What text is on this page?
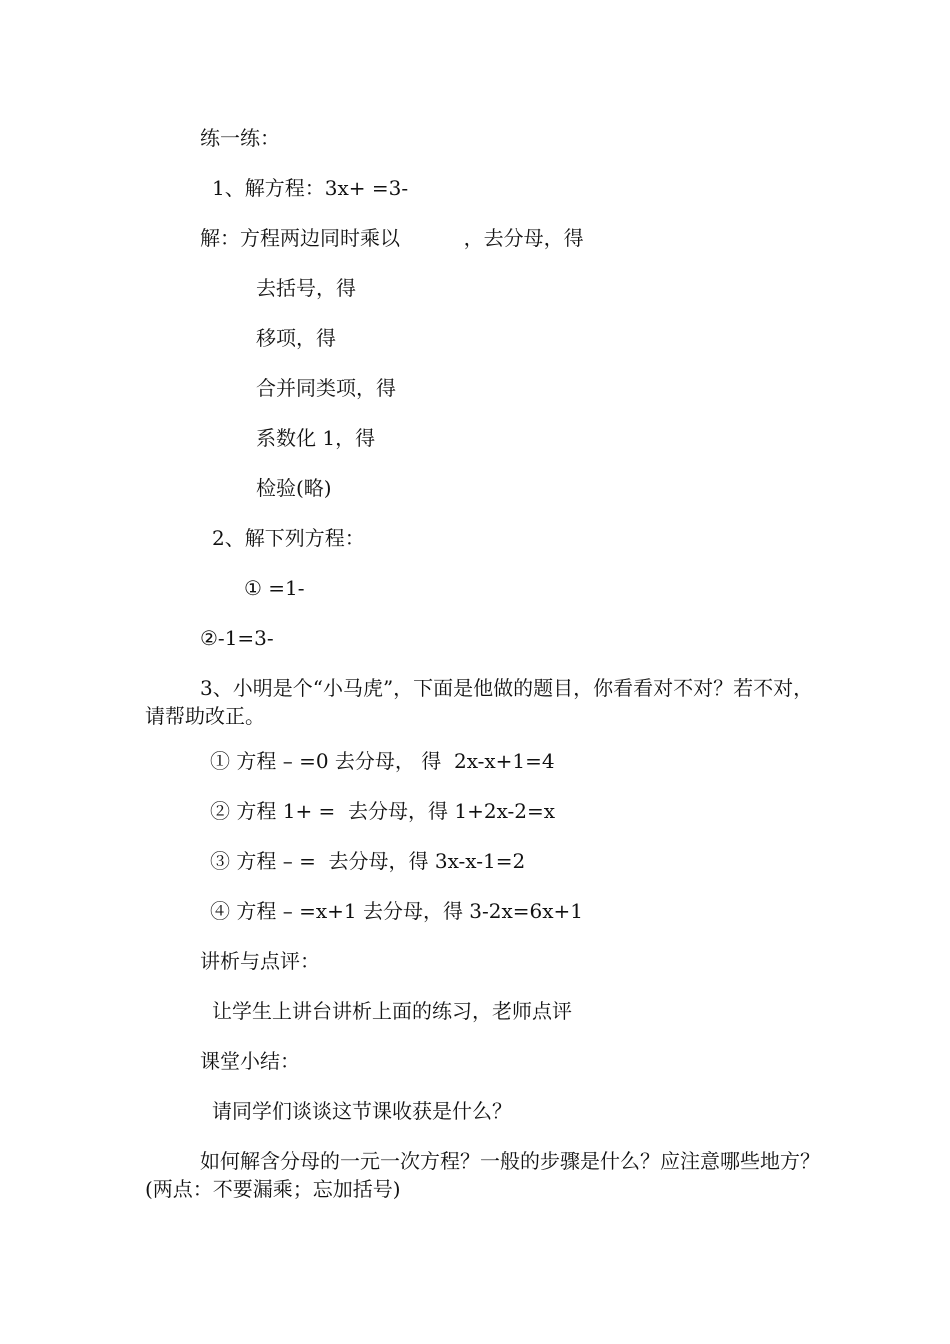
练一练：
1、解方程：3x+ =3-
解：方程两边同时乘以          ，去分母，得
去括号，得
移项，得
合并同类项，得
系数化 1，得
检验(略)
2、解下列方程：
① =1-
②-1=3-
3、小明是个“小马虎”，下面是他做的题目，你看看对不对？若不对，请帮助改正。
① 方程 – =0 去分母， 得  2x-x+1=4
② 方程 1+ =  去分母，得 1+2x-2=x
③ 方程 – =  去分母，得 3x-x-1=2
④ 方程 – =x+1 去分母，得 3-2x=6x+1
讲析与点评：
让学生上讲台讲析上面的练习，老师点评
课堂小结：
请同学们谈谈这节课收获是什么？
如何解含分母的一元一次方程？一般的步骤是什么？应注意哪些地方？(两点：不要漏乘；忘加括号)
